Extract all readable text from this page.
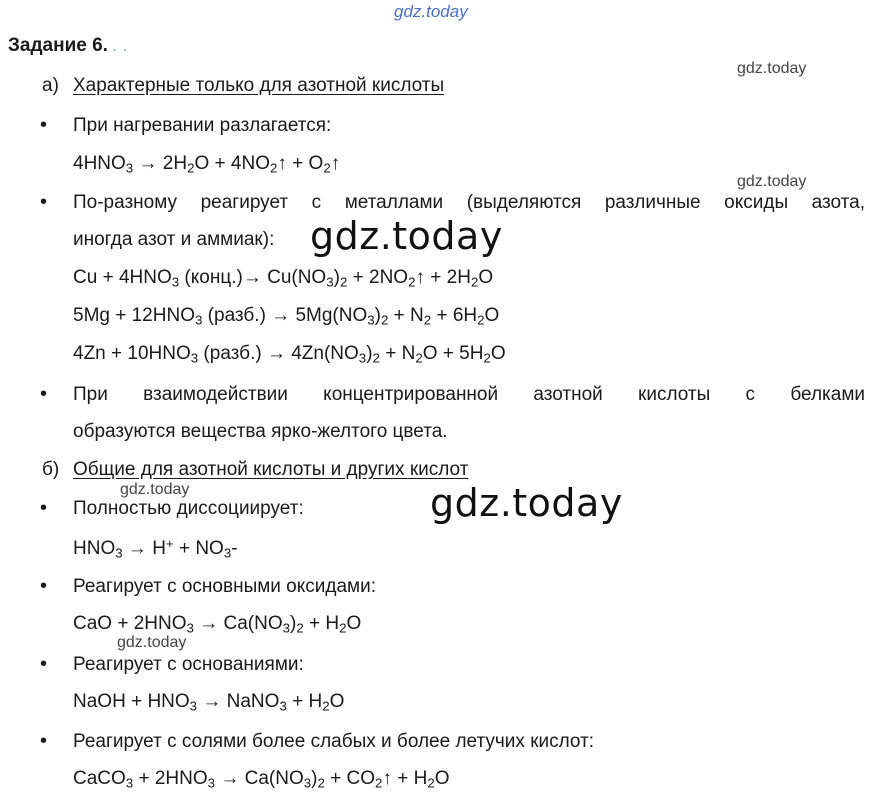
gdz.today
gdz.today
gdz.today
gdz.today
gdz.today	gdz.today
gdz.today
Задание 6. . .
а) Характерные только для азотной кислоты
• При нагревании разлагается:
$4HNO_3 \to 2H_2O$ + $4NO_2↑$ + $O_2↑$
• По-разному реагирует с металлами (выделяются различные оксиды азота,
иногда азот и аммиак):
$Cu + 4HNO_3$ (конц.)→ $Cu(NO_3)_2$ + $2NO_2↑ + 2H_2O$
$5Mg + 12HNO_3$ (разб.) → $5Mg(NO_3)_2 + N_2 + 6H_2O$
$4Zn + 10HNO_3$ (разб.) → $4Zn(NO_3)_2 + N_2O + 5H_2O$
• При взаимодействии концентрированной азотной кислоты с белками
образуются вещества ярко-желтого цвета.
б) Общие для азотной кислоты и других кислот
• Полностью диссоциирует:
$HNO_3 \to H^+ + NO_3-$
• Реагирует с основными оксидами:
CaO + $2HNO_3 \to Ca(NO_3)_2 + H_2O$
• Реагирует с основаниями:
NaOH + $HNO_3$ → NaNO$_3$ + $H_2O$
• Реагирует с солями более слабых и более летучих кислот:
CaCO$_3$ + $2HNO_3 \to Ca(NO_3)_2$ + $CO_2↑ + H_2O$
